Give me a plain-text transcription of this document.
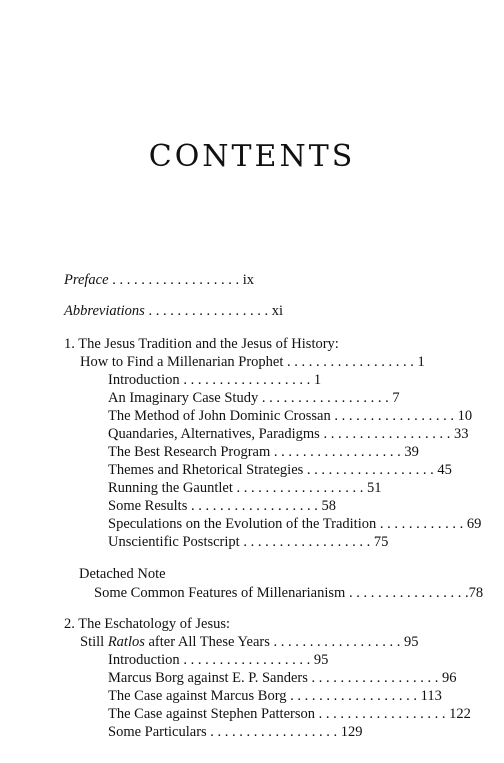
CONTENTS
Preface . . . . . . . . . . . . . . . . . . ix
Abbreviations . . . . . . . . . . . . . . . . . xi
1. The Jesus Tradition and the Jesus of History:
How to Find a Millenarian Prophet . . . . . . . . . . . . . . . . . . 1
Introduction . . . . . . . . . . . . . . . . . . 1
An Imaginary Case Study . . . . . . . . . . . . . . . . . . 7
The Method of John Dominic Crossan . . . . . . . . . . . . . . . . . 10
Quandaries, Alternatives, Paradigms . . . . . . . . . . . . . . . . . . 33
The Best Research Program . . . . . . . . . . . . . . . . . . 39
Themes and Rhetorical Strategies . . . . . . . . . . . . . . . . . . 45
Running the Gauntlet . . . . . . . . . . . . . . . . . . 51
Some Results . . . . . . . . . . . . . . . . . . 58
Speculations on the Evolution of the Tradition . . . . . . . . . . . . 69
Unscientific Postscript . . . . . . . . . . . . . . . . . . 75
Detached Note
Some Common Features of Millenarianism . . . . . . . . . . . . . . . . .78
2. The Eschatology of Jesus:
Still Ratlos after All These Years . . . . . . . . . . . . . . . . . . 95
Introduction . . . . . . . . . . . . . . . . . . 95
Marcus Borg against E. P. Sanders . . . . . . . . . . . . . . . . . . 96
The Case against Marcus Borg . . . . . . . . . . . . . . . . . . 113
The Case against Stephen Patterson . . . . . . . . . . . . . . . . . . 122
Some Particulars . . . . . . . . . . . . . . . . . . 129
